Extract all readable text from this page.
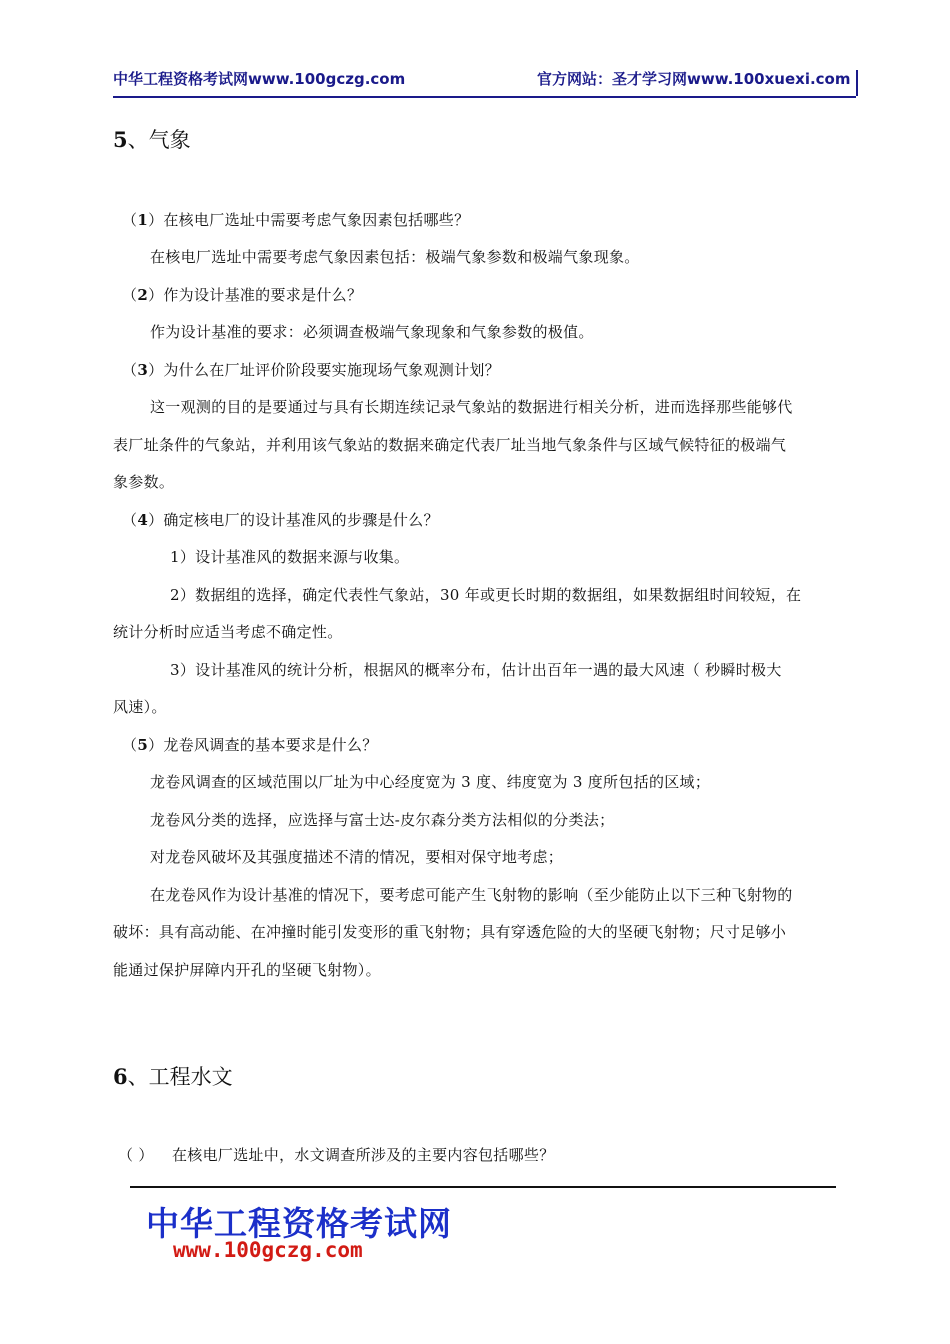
中华工程资格考试网www.100gczg.com	官方网站：圣才学习网www.100xuexi.com
5、气象
（1）在核电厂选址中需要考虑气象因素包括哪些？
在核电厂选址中需要考虑气象因素包括：极端气象参数和极端气象现象。
（2）作为设计基准的要求是什么？
作为设计基准的要求：必须调查极端气象现象和气象参数的极值。
（3）为什么在厂址评价阶段要实施现场气象观测计划？
这一观测的目的是要通过与具有长期连续记录气象站的数据进行相关分析，进而选择那些能够代
表厂址条件的气象站，并利用该气象站的数据来确定代表厂址当地气象条件与区域气候特征的极端气
象参数。
（4）确定核电厂的设计基准风的步骤是什么？
1）设计基准风的数据来源与收集。
2）数据组的选择，确定代表性气象站，30 年或更长时期的数据组，如果数据组时间较短，在
统计分析时应适当考虑不确定性。
3）设计基准风的统计分析，根据风的概率分布，估计出百年一遇的最大风速（ 秒瞬时极大
风速）。
（5）龙卷风调查的基本要求是什么？
龙卷风调查的区域范围以厂址为中心经度宽为 3 度、纬度宽为 3 度所包括的区域；
龙卷风分类的选择，应选择与富士达-皮尔森分类方法相似的分类法；
对龙卷风破坏及其强度描述不清的情况，要相对保守地考虑；
在龙卷风作为设计基准的情况下，要考虑可能产生飞射物的影响（至少能防止以下三种飞射物的
破坏：具有高动能、在冲撞时能引发变形的重飞射物；具有穿透危险的大的坚硬飞射物；尺寸足够小
能通过保护屏障内开孔的坚硬飞射物）。
6、工程水文
（ ） 在核电厂选址中，水文调查所涉及的主要内容包括哪些？
中华工程资格考试网
www.100gczg.com
